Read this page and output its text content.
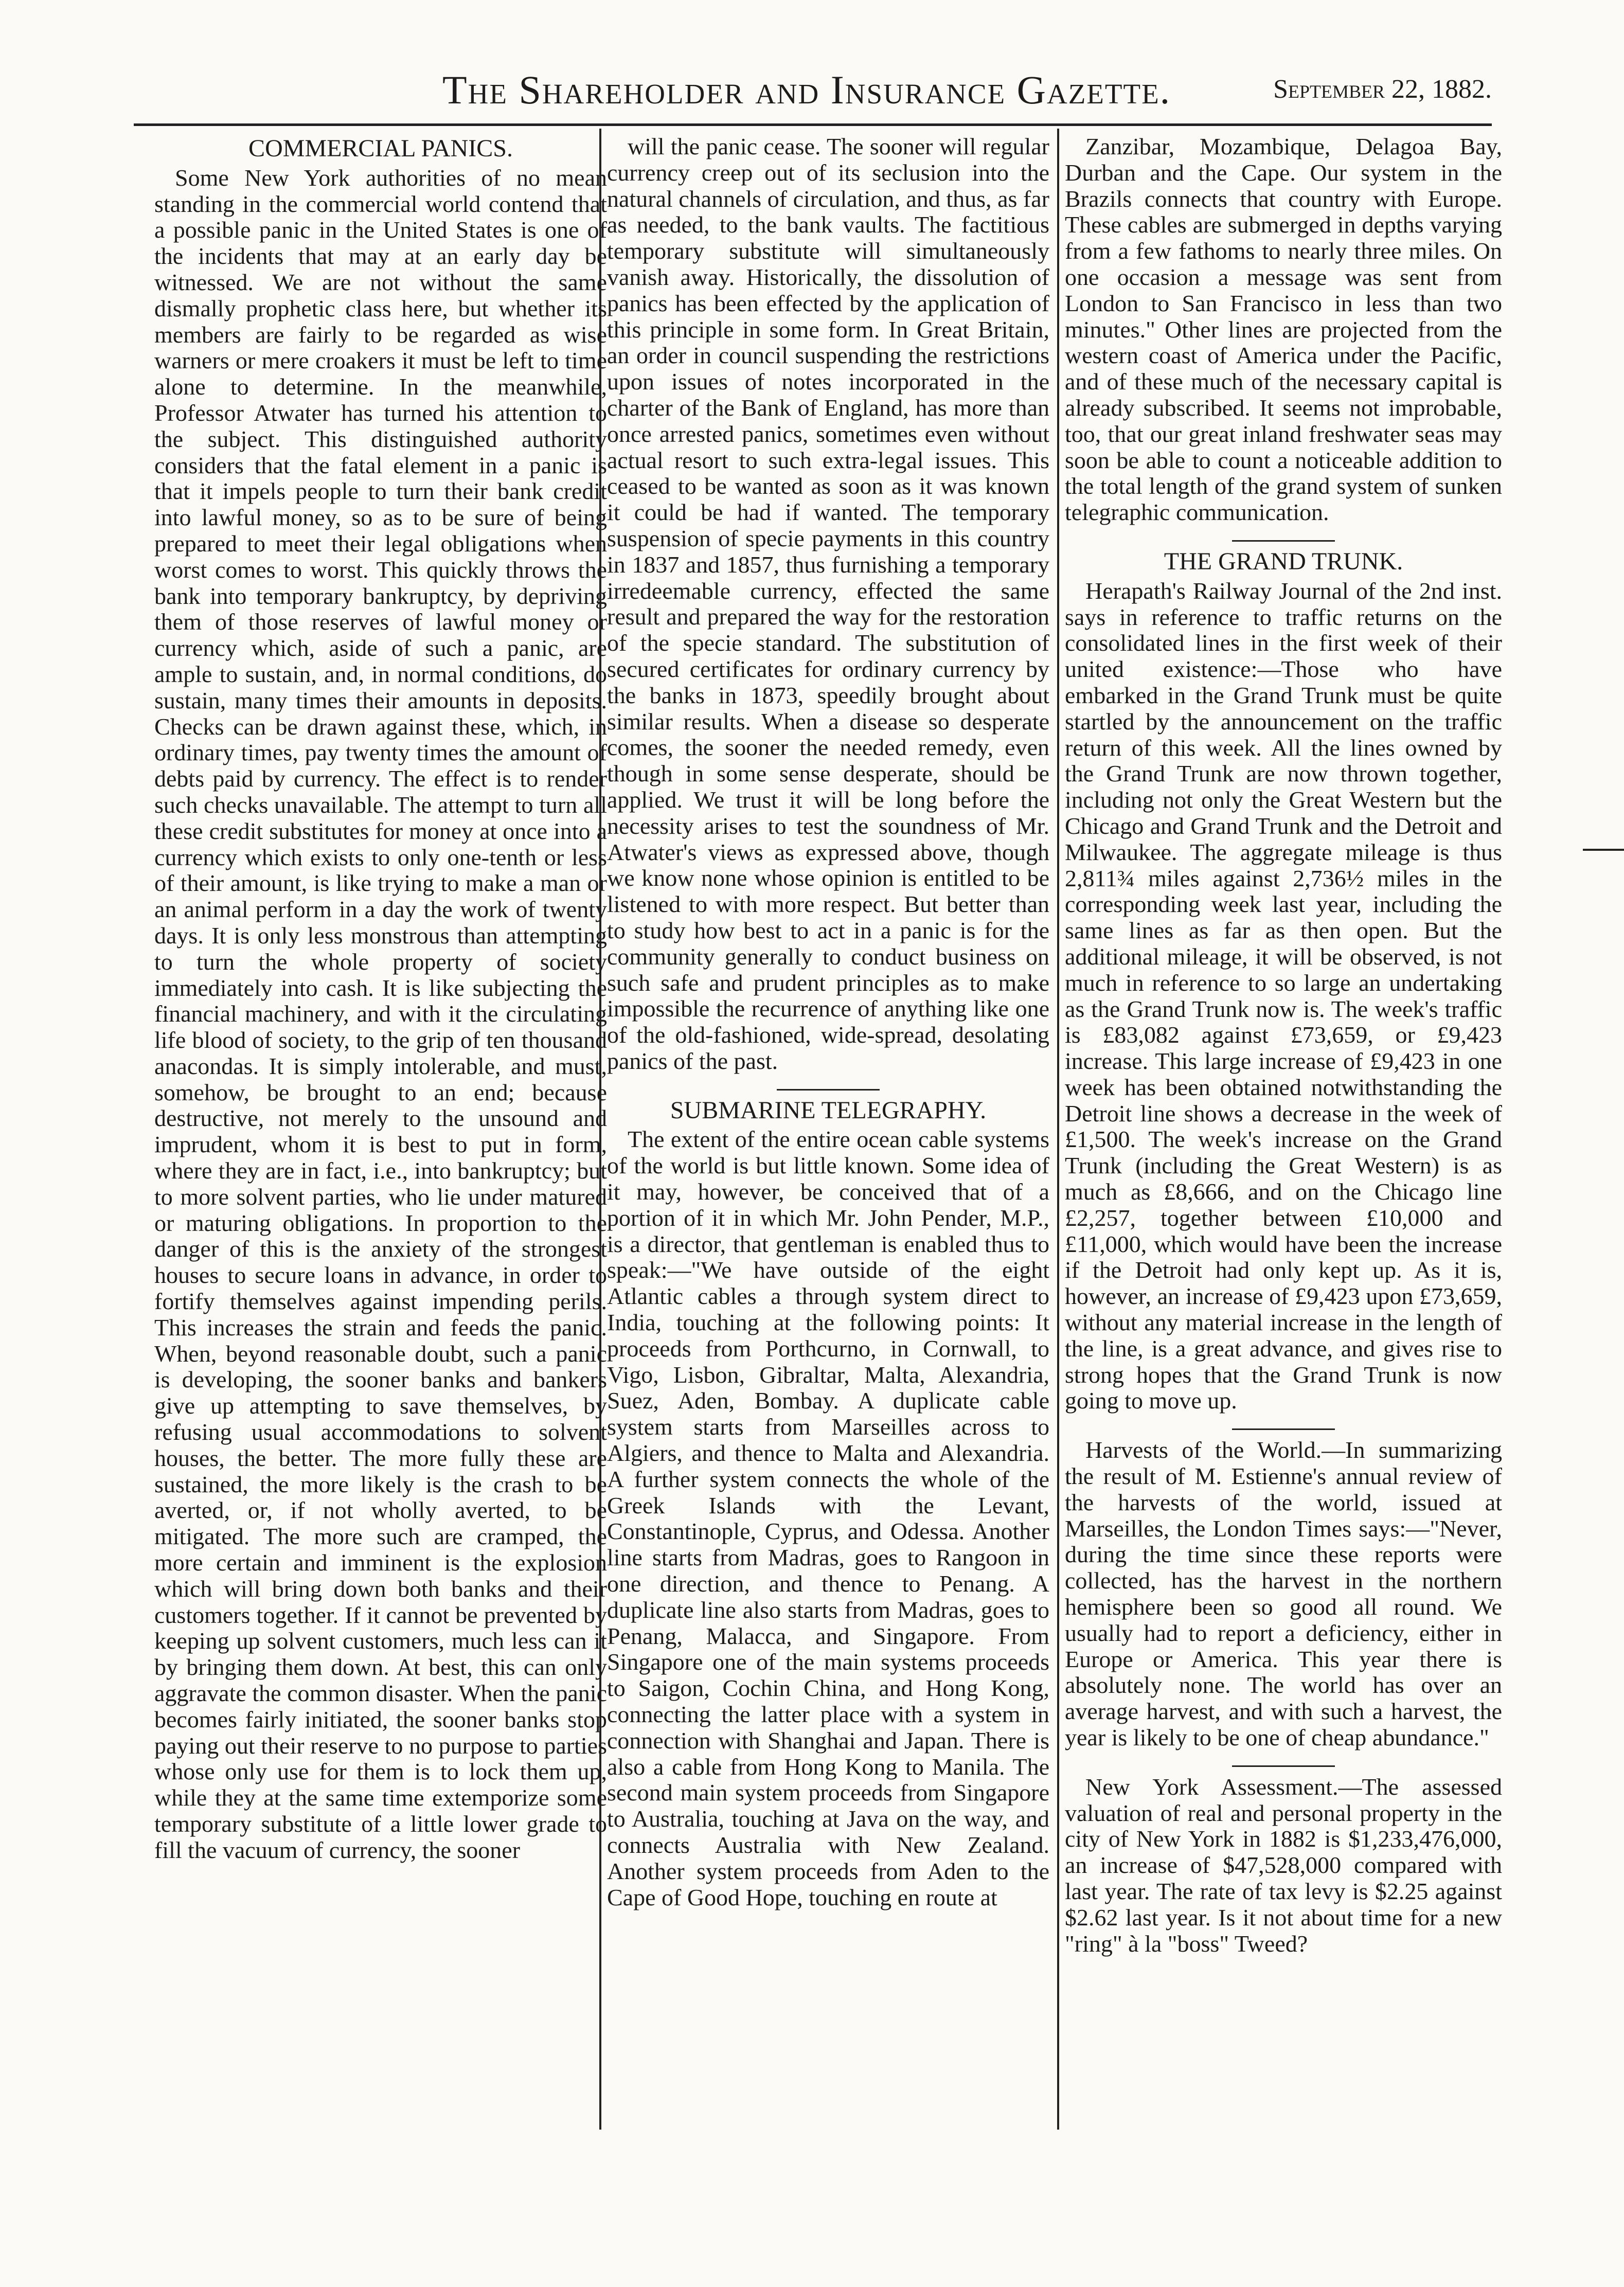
The Shareholder and Insurance Gazette.	September 22, 1882.
COMMERCIAL PANICS.

Some New York authorities of no mean standing in the commercial world contend that a possible panic in the United States is one of the incidents that may at an early day be witnessed. We are not without the same dismally prophetic class here, but whether its members are fairly to be regarded as wise warners or mere croakers it must be left to time alone to determine. In the meanwhile, Professor Atwater has turned his attention to the subject. This distinguished authority considers that the fatal element in a panic is that it impels people to turn their bank credit into lawful money, so as to be sure of being prepared to meet their legal obligations when worst comes to worst. This quickly throws the bank into temporary bankruptcy, by depriving them of those reserves of lawful money or currency which, aside of such a panic, are ample to sustain, and, in normal conditions, do sustain, many times their amounts in deposits. Checks can be drawn against these, which, in ordinary times, pay twenty times the amount of debts paid by currency. The effect is to render such checks unavailable. The attempt to turn all these credit substitutes for money at once into a currency which exists to only one-tenth or less of their amount, is like trying to make a man or an animal perform in a day the work of twenty days. It is only less monstrous than attempting to turn the whole property of society immediately into cash. It is like subjecting the financial machinery, and with it the circulating life blood of society, to the grip of ten thousand anacondas. It is simply intolerable, and must, somehow, be brought to an end; because destructive, not merely to the unsound and imprudent, whom it is best to put in form, where they are in fact, i.e., into bankruptcy; but to more solvent parties, who lie under matured or maturing obligations. In proportion to the danger of this is the anxiety of the strongest houses to secure loans in advance, in order to fortify themselves against impending perils. This increases the strain and feeds the panic. When, beyond reasonable doubt, such a panic is developing, the sooner banks and bankers give up attempting to save themselves, by refusing usual accommodations to solvent houses, the better. The more fully these are sustained, the more likely is the crash to be averted, or, if not wholly averted, to be mitigated. The more such are cramped, the more certain and imminent is the explosion which will bring down both banks and their customers together. If it cannot be prevented by keeping up solvent customers, much less can it by bringing them down. At best, this can only aggravate the common disaster. When the panic becomes fairly initiated, the sooner banks stop paying out their reserve to no purpose to parties whose only use for them is to lock them up, while they at the same time extemporize some temporary substitute of a little lower grade to fill the vacuum of currency, the sooner

will the panic cease. The sooner will regular currency creep out of its seclusion into the natural channels of circulation, and thus, as far as needed, to the bank vaults. The factitious temporary substitute will simultaneously vanish away. Historically, the dissolution of panics has been effected by the application of this principle in some form. In Great Britain, an order in council suspending the restrictions upon issues of notes incorporated in the charter of the Bank of England, has more than once arrested panics, sometimes even without actual resort to such extra-legal issues. This ceased to be wanted as soon as it was known it could be had if wanted. The temporary suspension of specie payments in this country in 1837 and 1857, thus furnishing a temporary irredeemable currency, effected the same result and prepared the way for the restoration of the specie standard. The substitution of secured certificates for ordinary currency by the banks in 1873, speedily brought about similar results. When a disease so desperate comes, the sooner the needed remedy, even though in some sense desperate, should be applied. We trust it will be long before the necessity arises to test the soundness of Mr. Atwater's views as expressed above, though we know none whose opinion is entitled to be listened to with more respect. But better than to study how best to act in a panic is for the community generally to conduct business on such safe and prudent principles as to make impossible the recurrence of anything like one of the old-fashioned, wide-spread, desolating panics of the past.

SUBMARINE TELEGRAPHY.

The extent of the entire ocean cable systems of the world is but little known. Some idea of it may, however, be conceived that of a portion of it in which Mr. John Pender, M.P., is a director, that gentleman is enabled thus to speak:—"We have outside of the eight Atlantic cables a through system direct to India, touching at the following points: It proceeds from Porthcurno, in Cornwall, to Vigo, Lisbon, Gibraltar, Malta, Alexandria, Suez, Aden, Bombay. A duplicate cable system starts from Marseilles across to Algiers, and thence to Malta and Alexandria. A further system connects the whole of the Greek Islands with the Levant, Constantinople, Cyprus, and Odessa. Another line starts from Madras, goes to Rangoon in one direction, and thence to Penang. A duplicate line also starts from Madras, goes to Penang, Malacca, and Singapore. From Singapore one of the main systems proceeds to Saigon, Cochin China, and Hong Kong, connecting the latter place with a system in connection with Shanghai and Japan. There is also a cable from Hong Kong to Manila. The second main system proceeds from Singapore to Australia, touching at Java on the way, and connects Australia with New Zealand. Another system proceeds from Aden to the Cape of Good Hope, touching en route at

Zanzibar, Mozambique, Delagoa Bay, Durban and the Cape. Our system in the Brazils connects that country with Europe. These cables are submerged in depths varying from a few fathoms to nearly three miles. On one occasion a message was sent from London to San Francisco in less than two minutes." Other lines are projected from the western coast of America under the Pacific, and of these much of the necessary capital is already subscribed. It seems not improbable, too, that our great inland freshwater seas may soon be able to count a noticeable addition to the total length of the grand system of sunken telegraphic communication.

THE GRAND TRUNK.

Herapath's Railway Journal of the 2nd inst. says in reference to traffic returns on the consolidated lines in the first week of their united existence:—Those who have embarked in the Grand Trunk must be quite startled by the announcement on the traffic return of this week. All the lines owned by the Grand Trunk are now thrown together, including not only the Great Western but the Chicago and Grand Trunk and the Detroit and Milwaukee. The aggregate mileage is thus 2,811¾ miles against 2,736½ miles in the corresponding week last year, including the same lines as far as then open. But the additional mileage, it will be observed, is not much in reference to so large an undertaking as the Grand Trunk now is. The week's traffic is £83,082 against £73,659, or £9,423 increase. This large increase of £9,423 in one week has been obtained notwithstanding the Detroit line shows a decrease in the week of £1,500. The week's increase on the Grand Trunk (including the Great Western) is as much as £8,666, and on the Chicago line £2,257, together between £10,000 and £11,000, which would have been the increase if the Detroit had only kept up. As it is, however, an increase of £9,423 upon £73,659, without any material increase in the length of the line, is a great advance, and gives rise to strong hopes that the Grand Trunk is now going to move up.

Harvests of the World.—In summarizing the result of M. Estienne's annual review of the harvests of the world, issued at Marseilles, the London Times says:—"Never, during the time since these reports were collected, has the harvest in the northern hemisphere been so good all round. We usually had to report a deficiency, either in Europe or America. This year there is absolutely none. The world has over an average harvest, and with such a harvest, the year is likely to be one of cheap abundance."

New York Assessment.—The assessed valuation of real and personal property in the city of New York in 1882 is $1,233,476,000, an increase of $47,528,000 compared with last year. The rate of tax levy is $2.25 against $2.62 last year. Is it not about time for a new "ring" à la "boss" Tweed?
